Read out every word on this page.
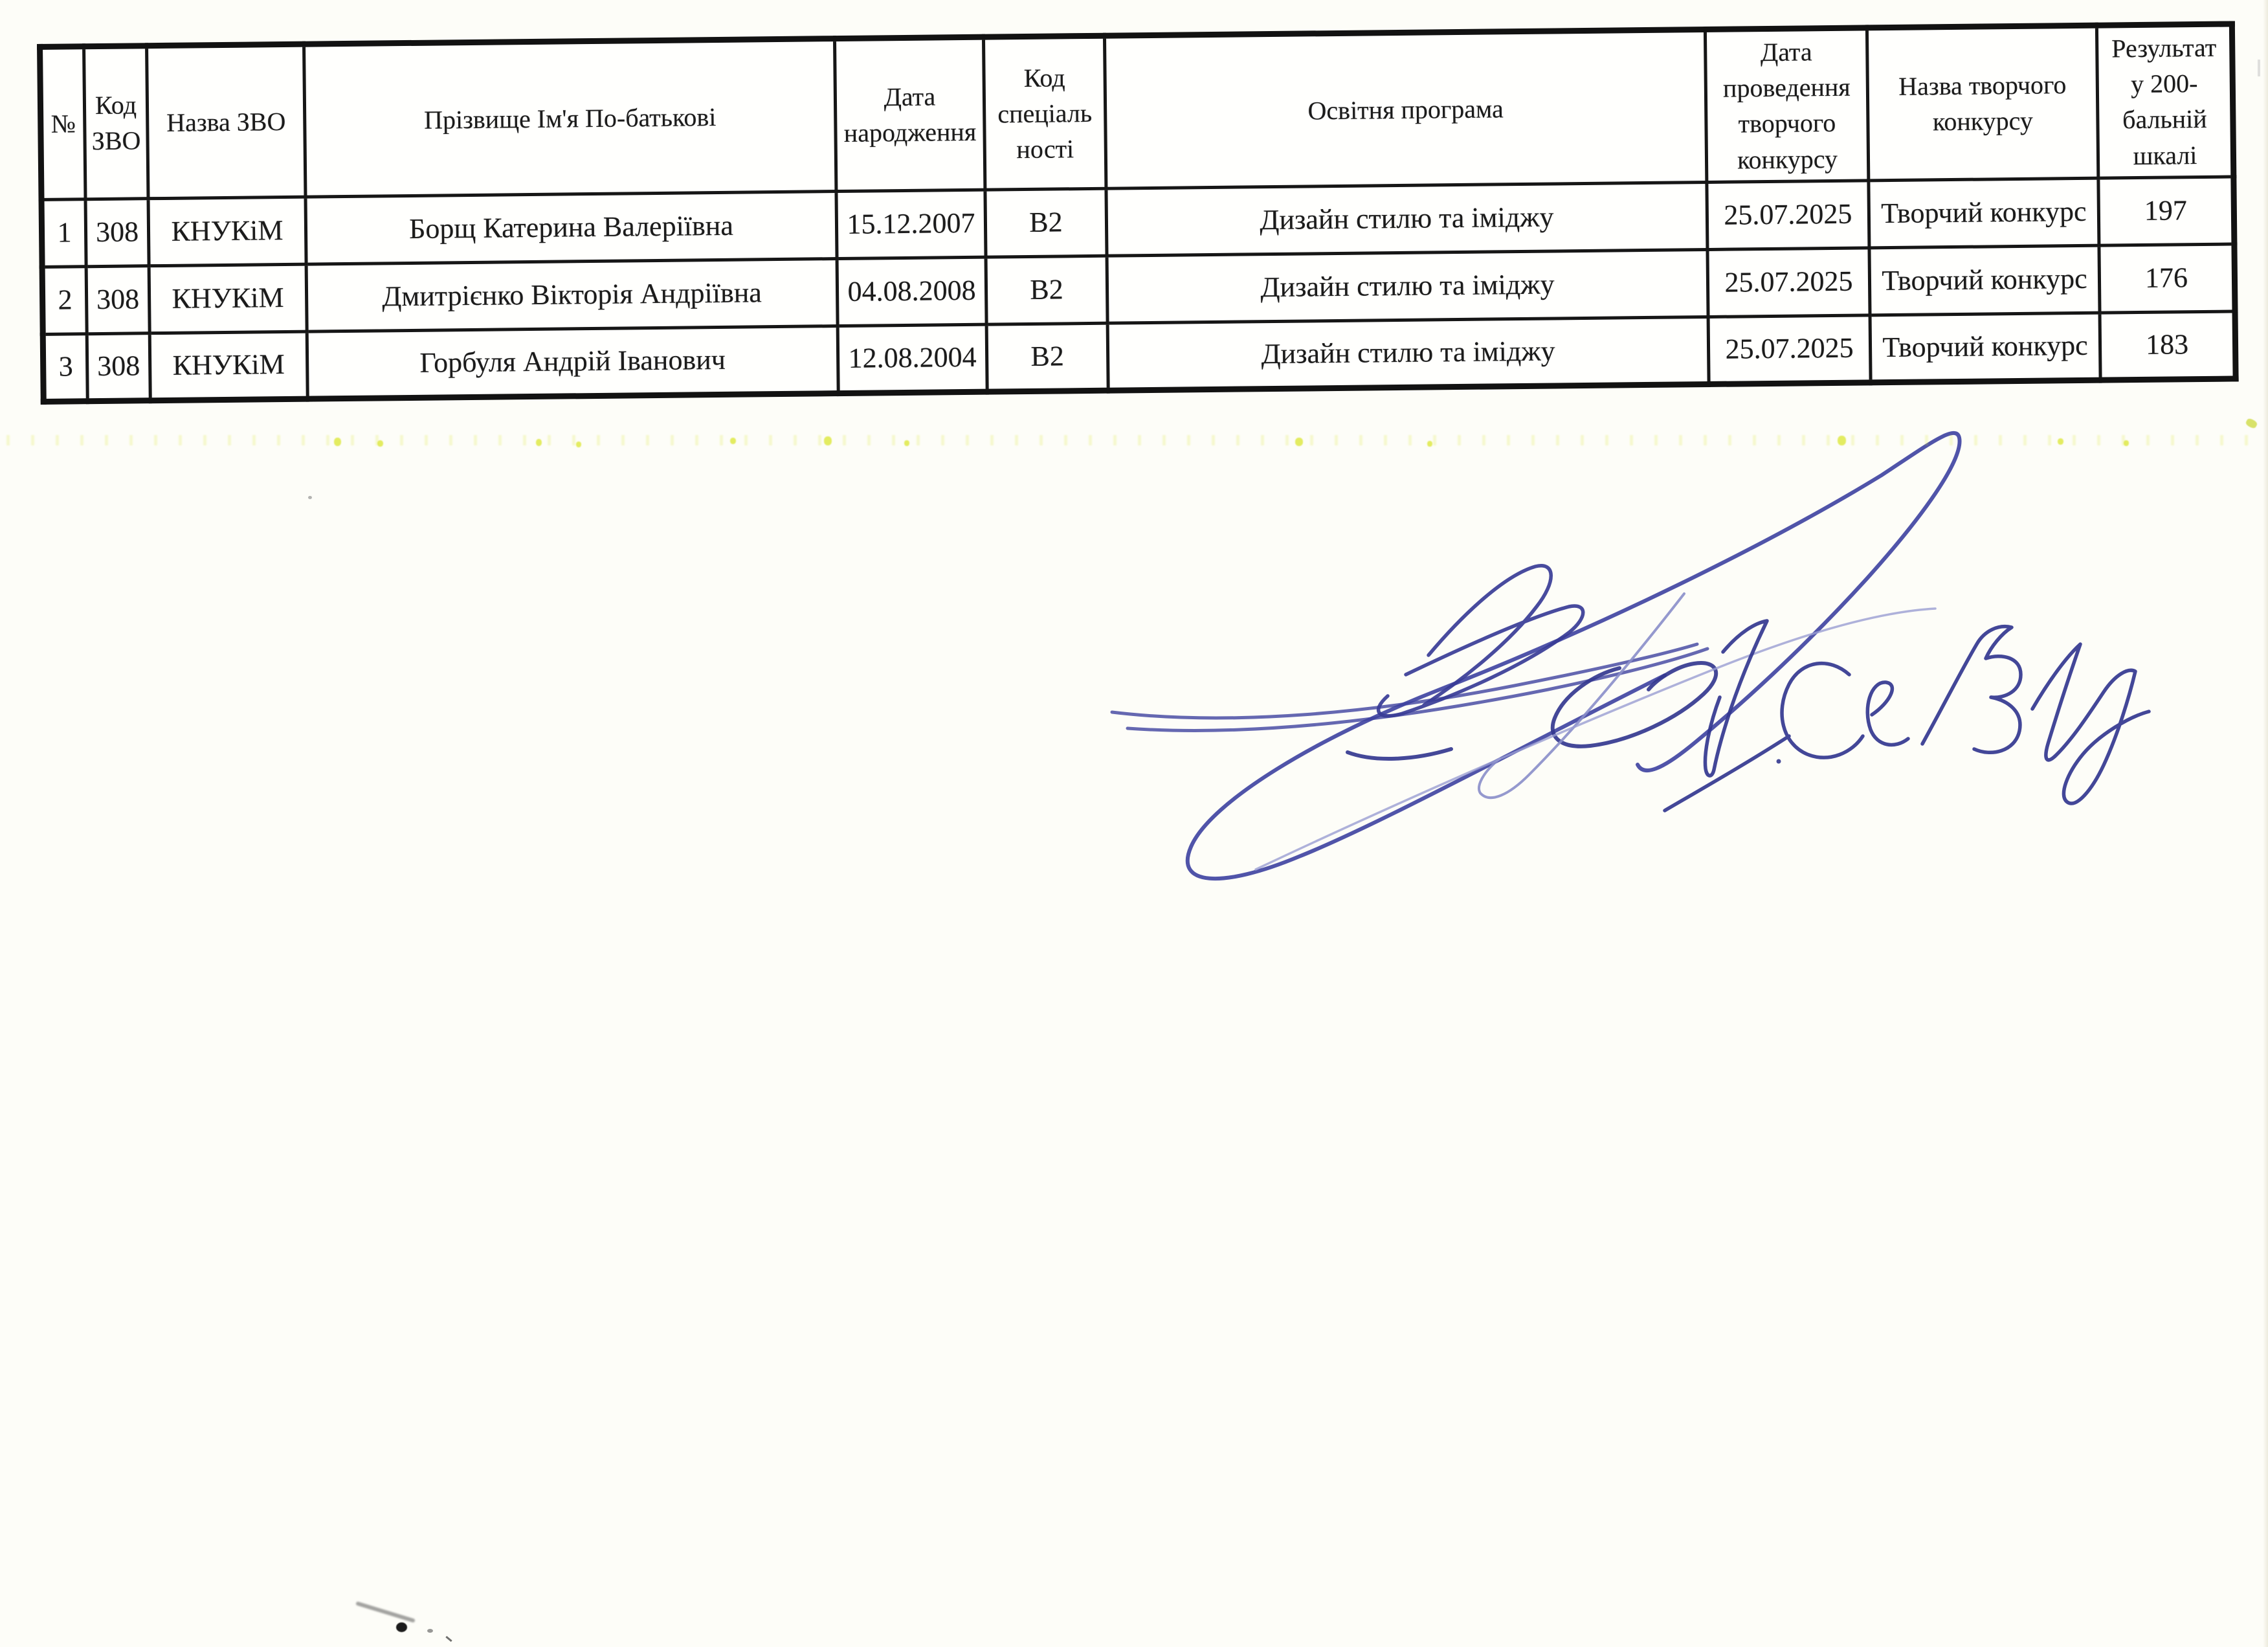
№	Код ЗВО	Назва ЗВО	Прізвище Ім'я По-батькові	Дата народження	Код спеціаль ності	Освітня програма	Дата проведення творчого конкурсу	Назва творчого конкурсу	Результат у 200- бальній шкалі
1	308	КНУКіМ	Борщ Катерина Валеріївна	15.12.2007	В2	Дизайн стилю та іміджу	25.07.2025	Творчий конкурс	197
2	308	КНУКіМ	Дмитрієнко Вікторія Андріївна	04.08.2008	В2	Дизайн стилю та іміджу	25.07.2025	Творчий конкурс	176
3	308	КНУКіМ	Горбуля Андрій Іванович	12.08.2004	В2	Дизайн стилю та іміджу	25.07.2025	Творчий конкурс	183
